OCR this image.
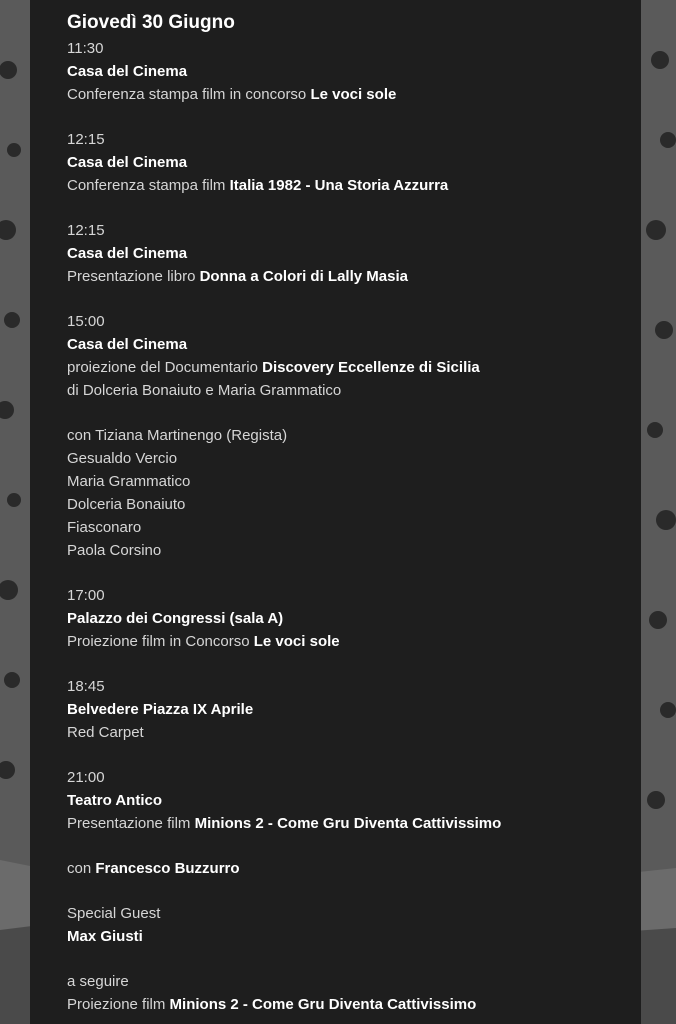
Giovedì 30 Giugno
11:30
Casa del Cinema
Conferenza stampa film in concorso Le voci sole
12:15
Casa del Cinema
Conferenza stampa film Italia 1982 - Una Storia Azzurra
12:15
Casa del Cinema
Presentazione libro Donna a Colori di Lally Masia
15:00
Casa del Cinema
proiezione del Documentario Discovery Eccellenze di Sicilia
di Dolceria Bonaiuto e Maria Grammatico
con Tiziana Martinengo (Regista)
Gesualdo Vercio
Maria Grammatico
Dolceria Bonaiuto
Fiasconaro
Paola Corsino
17:00
Palazzo dei Congressi (sala A)
Proiezione film in Concorso Le voci sole
18:45
Belvedere Piazza IX Aprile
Red Carpet
21:00
Teatro Antico
Presentazione film Minions 2 - Come Gru Diventa Cattivissimo
con Francesco Buzzurro
Special Guest
Max Giusti
a seguire
Proiezione film Minions 2 - Come Gru Diventa Cattivissimo
